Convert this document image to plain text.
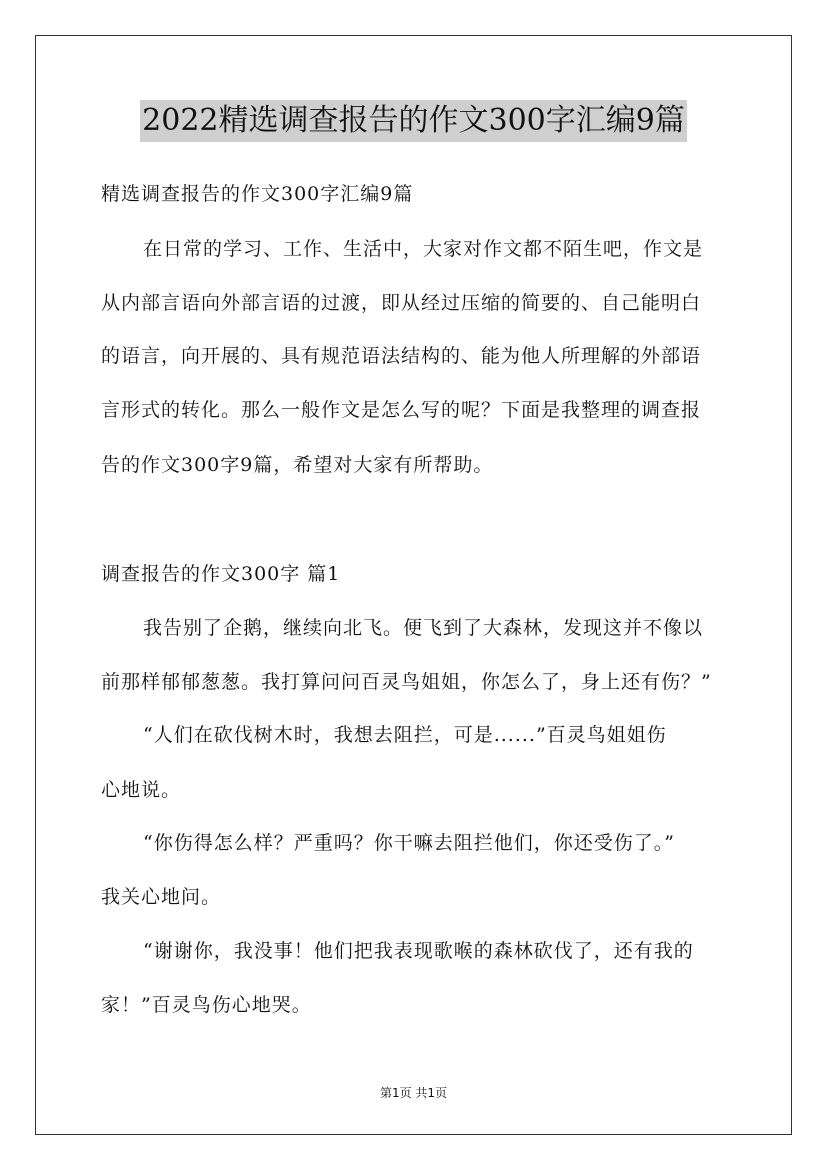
2022精选调查报告的作文300字汇编9篇
精选调查报告的作文300字汇编9篇
在日常的学习、工作、生活中，大家对作文都不陌生吧，作文是
从内部言语向外部言语的过渡，即从经过压缩的简要的、自己能明白
的语言，向开展的、具有规范语法结构的、能为他人所理解的外部语
言形式的转化。那么一般作文是怎么写的呢？下面是我整理的调查报
告的作文300字9篇，希望对大家有所帮助。
调查报告的作文300字 篇1
我告别了企鹅，继续向北飞。便飞到了大森林，发现这并不像以
前那样郁郁葱葱。我打算问问百灵鸟姐姐，你怎么了，身上还有伤？”
“人们在砍伐树木时，我想去阻拦，可是......”百灵鸟姐姐伤
心地说。
“你伤得怎么样？严重吗？你干嘛去阻拦他们，你还受伤了。”
我关心地问。
“谢谢你，我没事！他们把我表现歌喉的森林砍伐了，还有我的
家！”百灵鸟伤心地哭。
第1页 共1页
